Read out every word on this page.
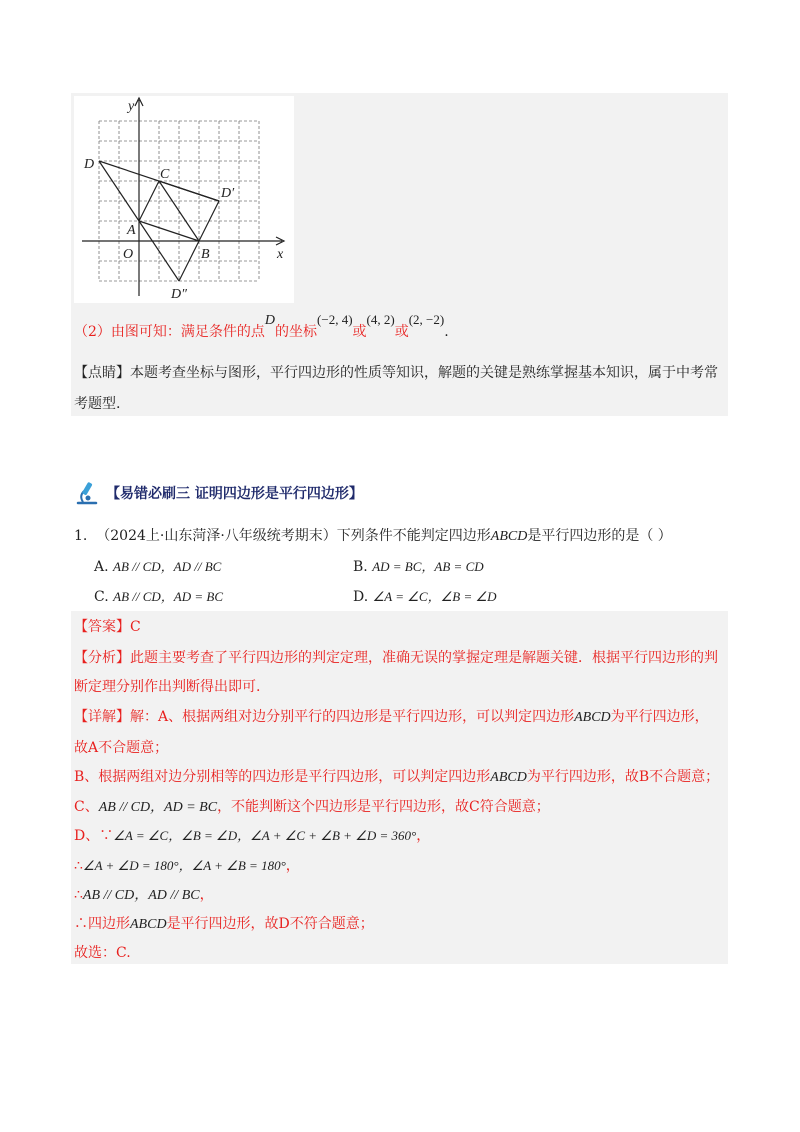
y
x
D
C
D′
A
O	B
D″
（2）由图可知：满足条件的点D的坐标(−2, 4)或(4, 2)或(2, −2).
【点睛】本题考查坐标与图形，平行四边形的性质等知识，解题的关键是熟练掌握基本知识，属于中考常
考题型.
【易错必刷三 证明四边形是平行四边形】
1. （2024上·山东菏泽·八年级统考期末）下列条件不能判定四边形ABCD是平行四边形的是（ ）
A. AB // CD，AD // BC	B. AD = BC，AB = CD
C. AB // CD，AD = BC	D. ∠A = ∠C，∠B = ∠D
【答案】C
【分析】此题主要考查了平行四边形的判定定理，准确无误的掌握定理是解题关键．根据平行四边形的判
断定理分别作出判断得出即可.
【详解】解：A、根据两组对边分别平行的四边形是平行四边形，可以判定四边形ABCD为平行四边形，
故A不合题意；
B、根据两组对边分别相等的四边形是平行四边形，可以判定四边形ABCD为平行四边形，故B不合题意；
C、AB // CD，AD = BC，不能判断这个四边形是平行四边形，故C符合题意；
D、∵∠A = ∠C，∠B = ∠D，∠A + ∠C + ∠B + ∠D = 360°，
∴∠A + ∠D = 180°，∠A + ∠B = 180°，
∴AB // CD，AD // BC，
∴四边形ABCD是平行四边形，故D不符合题意；
故选：C.
